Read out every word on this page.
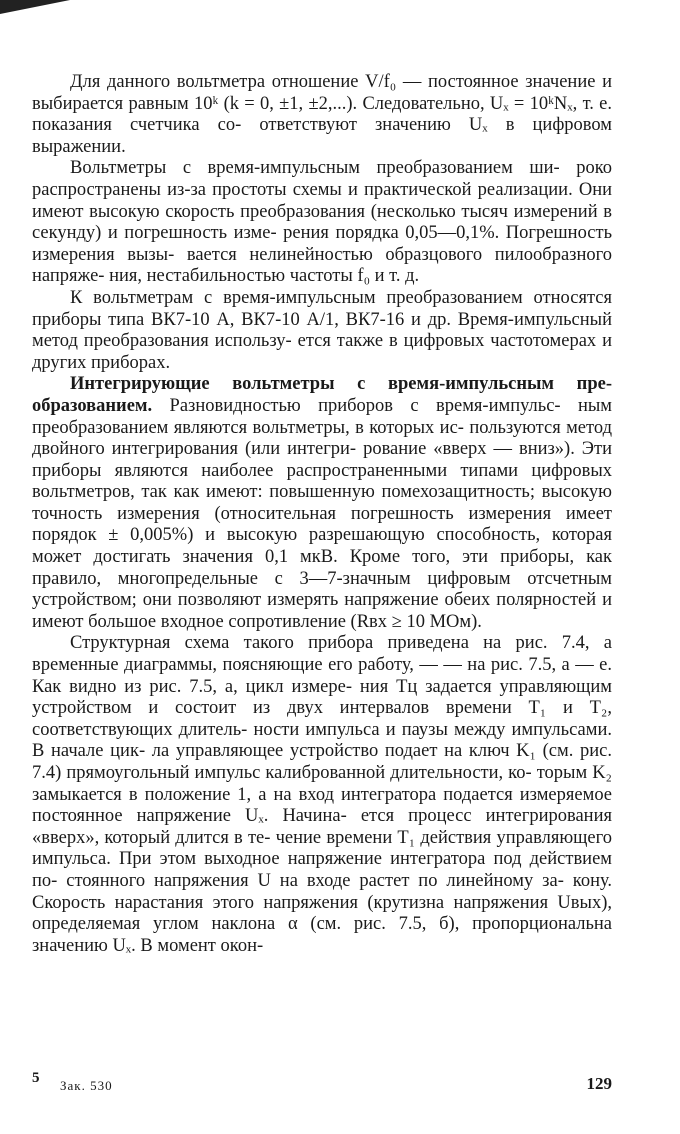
Для данного вольтметра отношение V/f₀ — постоянное значение и выбирается равным 10ᵏ (k = 0, ±1, ±2,...). Следовательно, Uₓ = 10ᵏNₓ, т. е. показания счетчика со- ответствуют значению Uₓ в цифровом выражении.

Вольтметры с время-импульсным преобразованием ши- роко распространены из-за простоты схемы и практической реализации. Они имеют высокую скорость преобразования (несколько тысяч измерений в секунду) и погрешность изме- рения порядка 0,05—0,1%. Погрешность измерения вызы- вается нелинейностью образцового пилообразного напряже- ния, нестабильностью частоты f₀ и т. д.

К вольтметрам с время-импульсным преобразованием относятся приборы типа ВК7-10 А, ВК7-10 А/1, ВК7-16 и др. Время-импульсный метод преобразования использу- ется также в цифровых частотомерах и других приборах.

Интегрирующие вольтметры с время-импульсным пре- образованием. Разновидностью приборов с время-импульс- ным преобразованием являются вольтметры, в которых ис- пользуются метод двойного интегрирования (или интегри- рование «вверх — вниз»). Эти приборы являются наиболее распространенными типами цифровых вольтметров, так как имеют: повышенную помехозащитность; высокую точность измерения (относительная погрешность измерения имеет порядок ± 0,005%) и высокую разрешающую способность, которая может достигать значения 0,1 мкВ. Кроме того, эти приборы, как правило, многопредельные с 3—7-значным цифровым отсчетным устройством; они позволяют измерять напряжение обеих полярностей и имеют большое входное сопротивление (Rвх ≥ 10 МОм).

Структурная схема такого прибора приведена на рис. 7.4, а временные диаграммы, поясняющие его работу, — — на рис. 7.5, а — е. Как видно из рис. 7.5, а, цикл измере- ния Tц задается управляющим устройством и состоит из двух интервалов времени T₁ и T₂, соответствующих длитель- ности импульса и паузы между импульсами. В начале цик- ла управляющее устройство подает на ключ K₁ (см. рис. 7.4) прямоугольный импульс калиброванной длительности, ко- торым K₂ замыкается в положение 1, а на вход интегратора подается измеряемое постоянное напряжение Uₓ. Начина- ется процесс интегрирования «вверх», который длится в те- чение времени T₁ действия управляющего импульса. При этом выходное напряжение интегратора под действием по- стоянного напряжения U на входе растет по линейному за- кону. Скорость нарастания этого напряжения (крутизна напряжения Uвых), определяемая углом наклона α (см. рис. 7.5, б), пропорциональна значению Uₓ. В момент окон-

5 Зак. 530	129
